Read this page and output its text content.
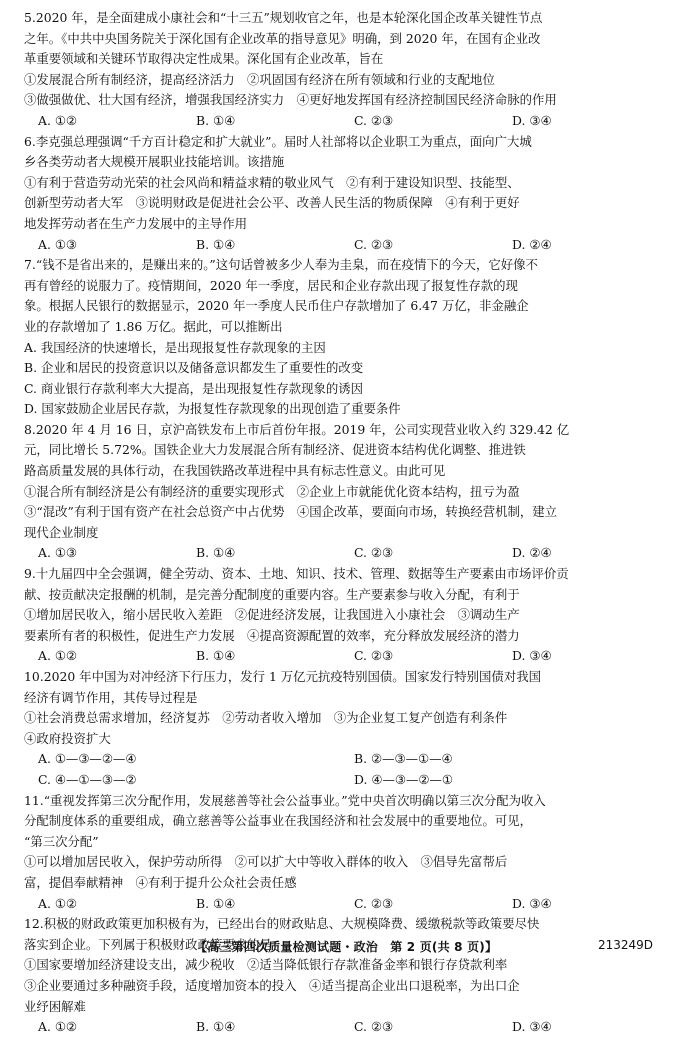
5.2020 年，是全面建成小康社会和“十三五”规划收官之年，也是本轮深化国企改革关键性节点
之年。《中共中央国务院关于深化国有企业改革的指导意见》明确，到 2020 年，在国有企业改
革重要领域和关键环节取得决定性成果。深化国有企业改革，旨在
①发展混合所有制经济，提高经济活力　②巩固国有经济在所有领域和行业的支配地位
③做强做优、壮大国有经济，增强我国经济实力　④更好地发挥国有经济控制国民经济命脉的作用
A. ①②	B. ①④	C. ②③	D. ③④
6.李克强总理强调“千方百计稳定和扩大就业”。届时人社部将以企业职工为重点，面向广大城
乡各类劳动者大规模开展职业技能培训。该措施
①有利于营造劳动光荣的社会风尚和精益求精的敬业风气　②有利于建设知识型、技能型、
创新型劳动者大军　③说明财政是促进社会公平、改善人民生活的物质保障　④有利于更好
地发挥劳动者在生产力发展中的主导作用
A. ①③	B. ①④	C. ②③	D. ②④
7.“钱不是省出来的，是赚出来的。”这句话曾被多少人奉为圭臬，而在疫情下的今天，它好像不
再有曾经的说服力了。疫情期间，2020 年一季度，居民和企业存款出现了报复性存款的现
象。根据人民银行的数据显示，2020 年一季度人民币住户存款增加了 6.47 万亿，非金融企
业的存款增加了 1.86 万亿。据此，可以推断出
A. 我国经济的快速增长，是出现报复性存款现象的主因
B. 企业和居民的投资意识以及储备意识都发生了重要性的改变
C. 商业银行存款利率大大提高，是出现报复性存款现象的诱因
D. 国家鼓励企业居民存款，为报复性存款现象的出现创造了重要条件
8.2020 年 4 月 16 日，京沪高铁发布上市后首份年报。2019 年，公司实现营业收入约 329.42 亿
元，同比增长 5.72%。国铁企业大力发展混合所有制经济、促进资本结构优化调整、推进铁
路高质量发展的具体行动，在我国铁路改革进程中具有标志性意义。由此可见
①混合所有制经济是公有制经济的重要实现形式　②企业上市就能优化资本结构，扭亏为盈
③“混改”有利于国有资产在社会总资产中占优势　④国企改革，要面向市场，转换经营机制，建立
现代企业制度
A. ①③	B. ①④	C. ②③	D. ②④
9.十九届四中全会强调，健全劳动、资本、土地、知识、技术、管理、数据等生产要素由市场评价贡
献、按贡献决定报酬的机制，是完善分配制度的重要内容。生产要素参与收入分配，有利于
①增加居民收入，缩小居民收入差距　②促进经济发展，让我国进入小康社会　③调动生产
要素所有者的积极性，促进生产力发展　④提高资源配置的效率，充分释放发展经济的潜力
A. ①②	B. ①④	C. ②③	D. ③④
10.2020 年中国为对冲经济下行压力，发行 1 万亿元抗疫特别国债。国家发行特别国债对我国
经济有调节作用，其传导过程是
①社会消费总需求增加，经济复苏　②劳动者收入增加　③为企业复工复产创造有利条件
④政府投资扩大
A. ①—③—②—④	B. ②—③—①—④
C. ④—①—③—②	D. ④—③—②—①
11.“重视发挥第三次分配作用，发展慈善等社会公益事业。”党中央首次明确以第三次分配为收入
分配制度体系的重要组成，确立慈善等公益事业在我国经济和社会发展中的重要地位。可见，
“第三次分配”
①可以增加居民收入，保护劳动所得　②可以扩大中等收入群体的收入　③倡导先富帮后
富，提倡奉献精神　④有利于提升公众社会责任感
A. ①②	B. ①④	C. ②③	D. ③④
12.积极的财政政策更加积极有为，已经出台的财政贴息、大规模降费、缓缴税款等政策要尽快
落实到企业。下列属于积极财政政策要求的是
①国家要增加经济建设支出，减少税收　②适当降低银行存款准备金率和银行存贷款利率
③企业要通过多种融资手段，适度增加资本的投入　④适当提高企业出口退税率，为出口企
业纾困解难
A. ①②	B. ①④	C. ②③	D. ③④
【高三第四次质量检测试题・政治　第 2 页(共 8 页)】	213249D
